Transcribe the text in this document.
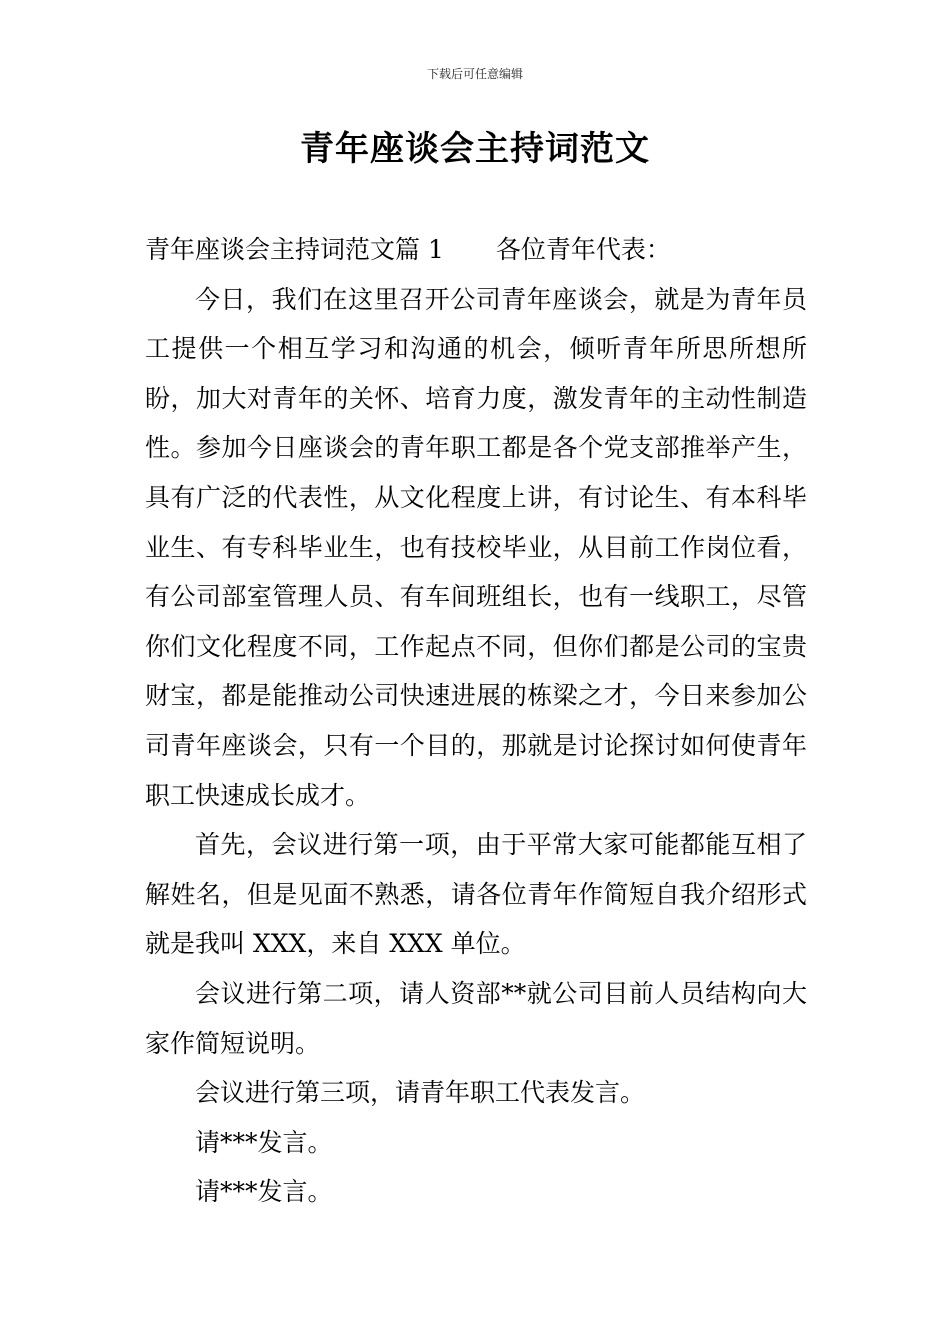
下载后可任意编辑
青年座谈会主持词范文

青年座谈会主持词范文篇 1 各位青年代表：

今日，我们在这里召开公司青年座谈会，就是为青年员工提供一个相互学习和沟通的机会，倾听青年所思所想所盼，加大对青年的关怀、培育力度，激发青年的主动性制造性。参加今日座谈会的青年职工都是各个党支部推举产生，具有广泛的代表性，从文化程度上讲，有讨论生、有本科毕业生、有专科毕业生，也有技校毕业，从目前工作岗位看，有公司部室管理人员、有车间班组长，也有一线职工，尽管你们文化程度不同，工作起点不同，但你们都是公司的宝贵财宝，都是能推动公司快速进展的栋梁之才，今日来参加公司青年座谈会，只有一个目的，那就是讨论探讨如何使青年职工快速成长成才。

首先，会议进行第一项，由于平常大家可能都能互相了解姓名，但是见面不熟悉，请各位青年作简短自我介绍形式就是我叫 XXX，来自 XXX 单位。

会议进行第二项，请人资部**就公司目前人员结构向大家作简短说明。

会议进行第三项，请青年职工代表发言。

请***发言。

请***发言。
